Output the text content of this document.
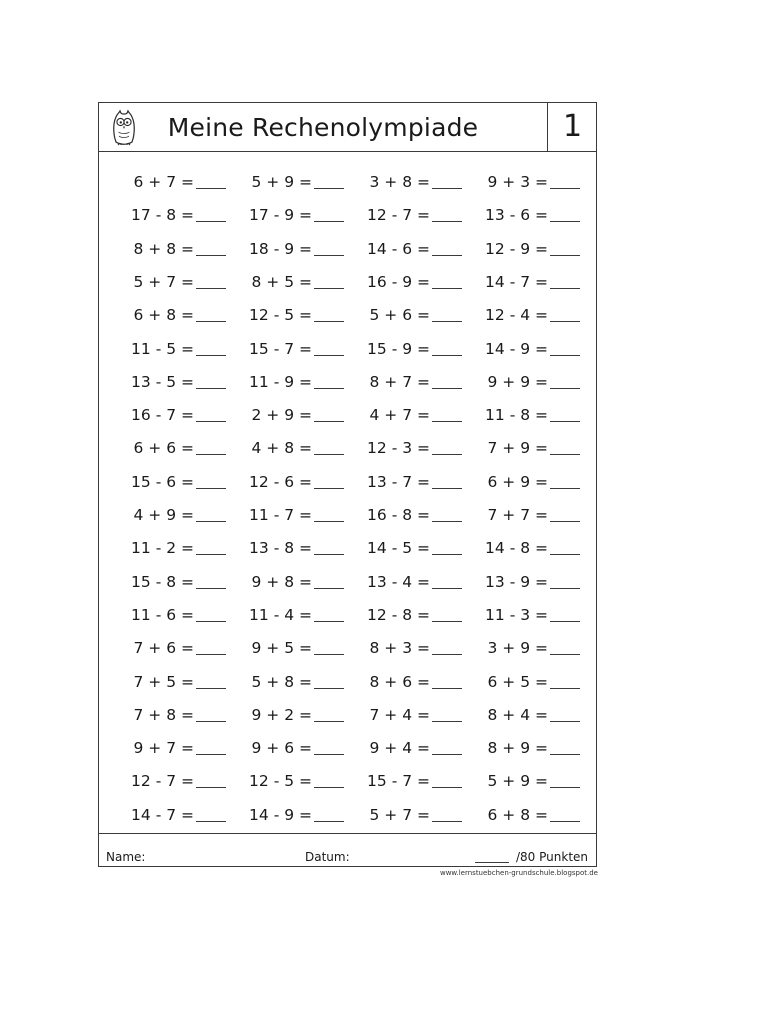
Meine Rechenolympiade	1
6 + 7 =	5 + 9 =	3 + 8 =	9 + 3 =
17 - 8 =	17 - 9 =	12 - 7 =	13 - 6 =
8 + 8 =	18 - 9 =	14 - 6 =	12 - 9 =
5 + 7 =	8 + 5 =	16 - 9 =	14 - 7 =
6 + 8 =	12 - 5 =	5 + 6 =	12 - 4 =
11 - 5 =	15 - 7 =	15 - 9 =	14 - 9 =
13 - 5 =	11 - 9 =	8 + 7 =	9 + 9 =
16 - 7 =	2 + 9 =	4 + 7 =	11 - 8 =
6 + 6 =	4 + 8 =	12 - 3 =	7 + 9 =
15 - 6 =	12 - 6 =	13 - 7 =	6 + 9 =
4 + 9 =	11 - 7 =	16 - 8 =	7 + 7 =
11 - 2 =	13 - 8 =	14 - 5 =	14 - 8 =
15 - 8 =	9 + 8 =	13 - 4 =	13 - 9 =
11 - 6 =	11 - 4 =	12 - 8 =	11 - 3 =
7 + 6 =	9 + 5 =	8 + 3 =	3 + 9 =
7 + 5 =	5 + 8 =	8 + 6 =	6 + 5 =
7 + 8 =	9 + 2 =	7 + 4 =	8 + 4 =
9 + 7 =	9 + 6 =	9 + 4 =	8 + 9 =
12 - 7 =	12 - 5 =	15 - 7 =	5 + 9 =
14 - 7 =	14 - 9 =	5 + 7 =	6 + 8 =
Name:	Datum:	/80 Punkten
www.lernstuebchen-grundschule.blogspot.de
